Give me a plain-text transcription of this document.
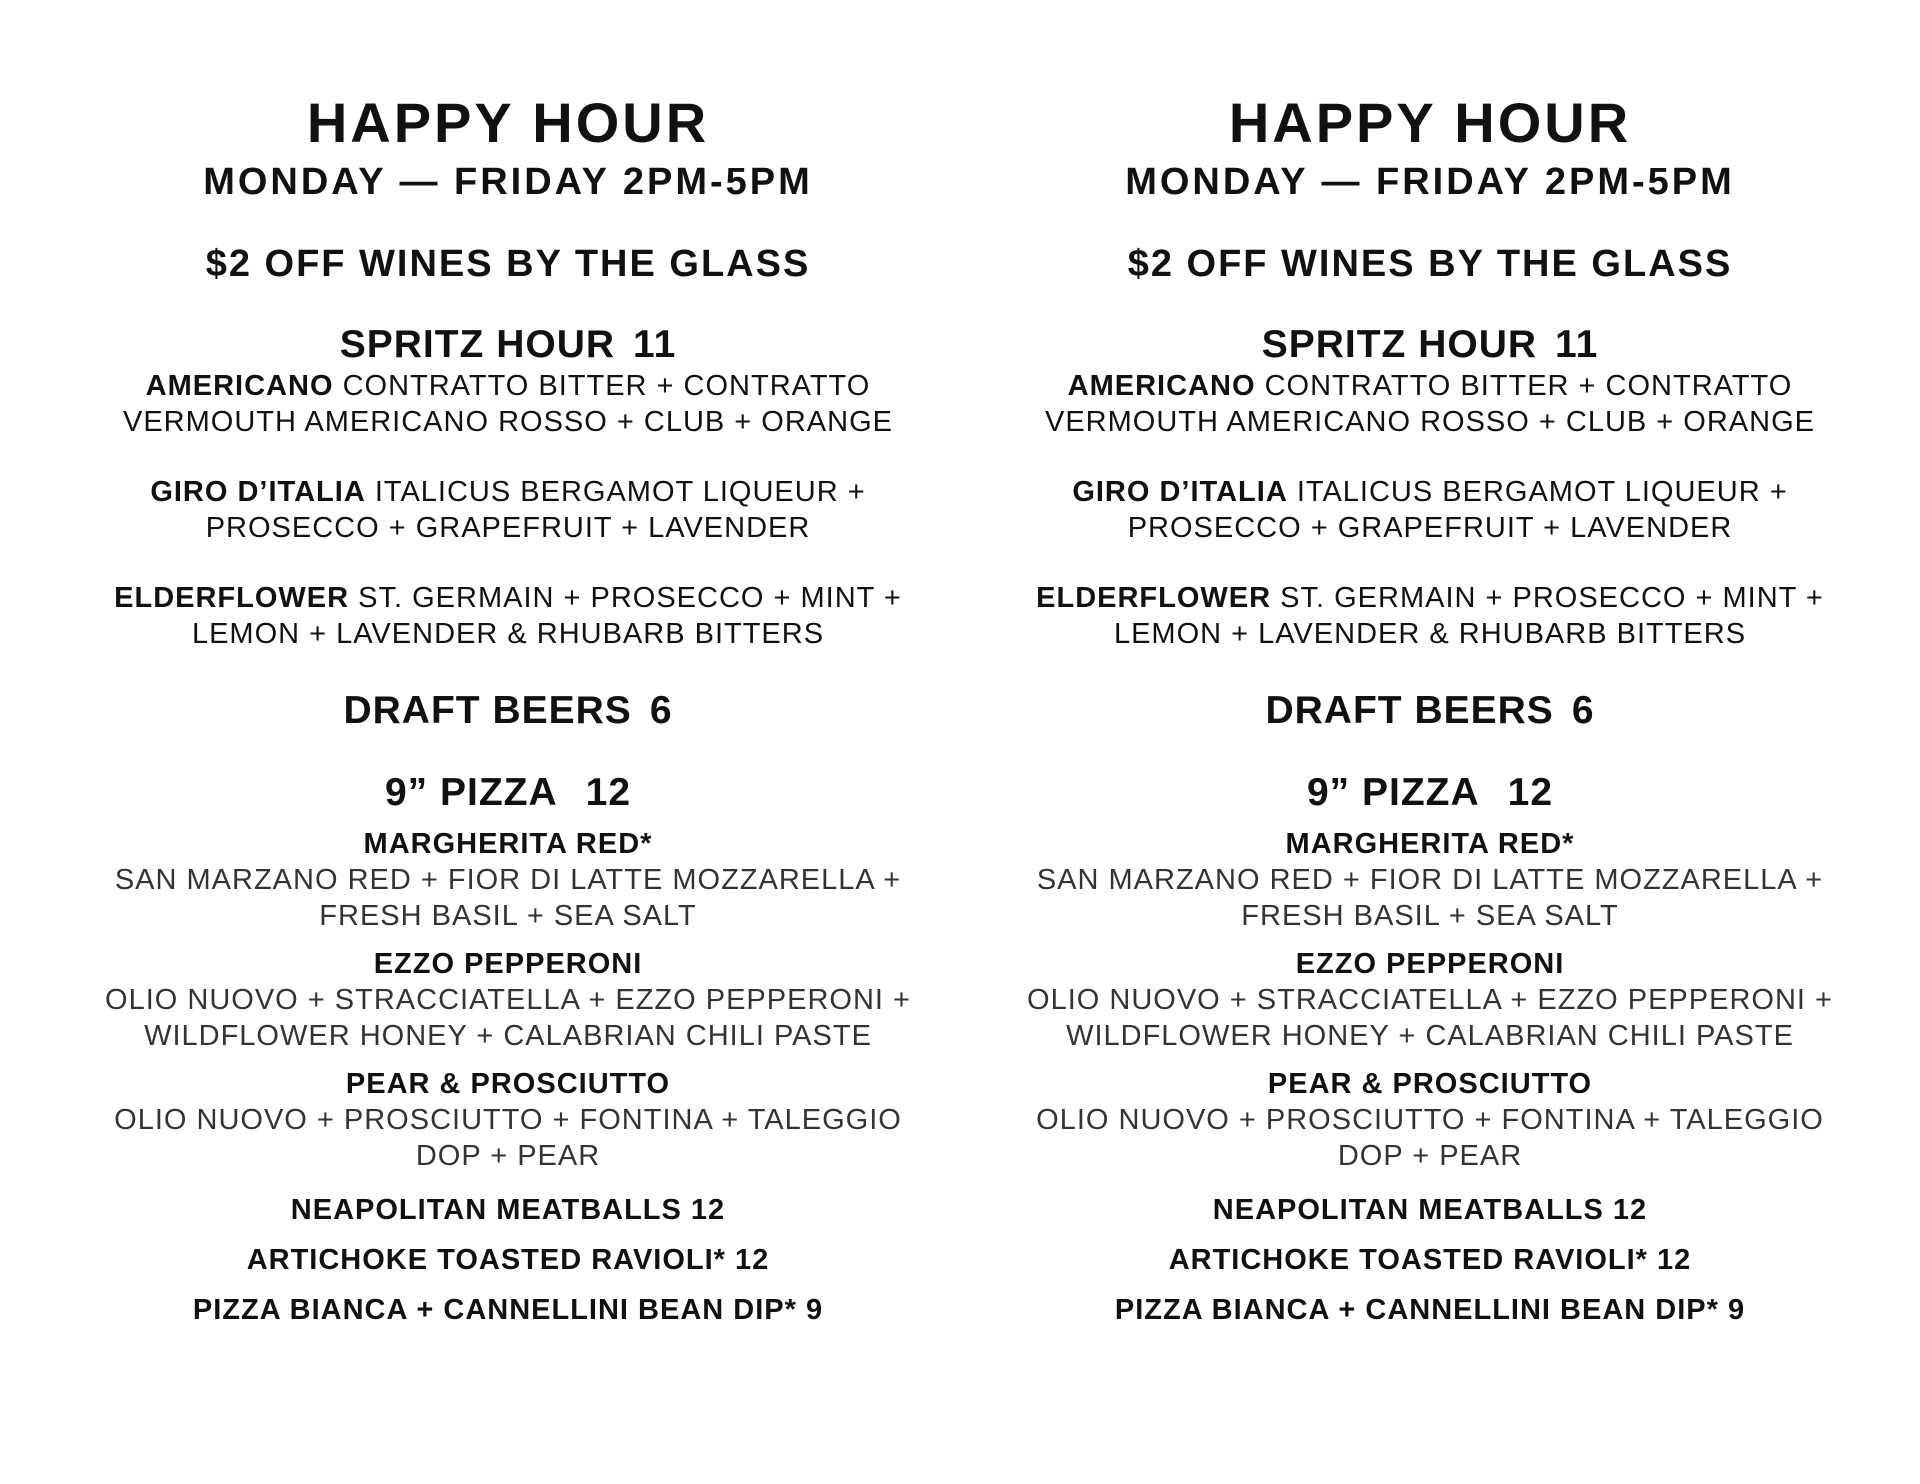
HAPPY HOUR

MONDAY — FRIDAY 2PM-5PM

$2 OFF WINES BY THE GLASS

SPRITZ HOUR 11

AMERICANO CONTRATTO BITTER + CONTRATTO VERMOUTH AMERICANO ROSSO + CLUB + ORANGE

GIRO D’ITALIA ITALICUS BERGAMOT LIQUEUR + PROSECCO + GRAPEFRUIT + LAVENDER

ELDERFLOWER ST. GERMAIN + PROSECCO + MINT + LEMON + LAVENDER & RHUBARB BITTERS

DRAFT BEERS 6

9” PIZZA 12

MARGHERITA RED*

SAN MARZANO RED + FIOR DI LATTE MOZZARELLA + FRESH BASIL + SEA SALT

EZZO PEPPERONI

OLIO NUOVO + STRACCIATELLA + EZZO PEPPERONI + WILDFLOWER HONEY + CALABRIAN CHILI PASTE

PEAR & PROSCIUTTO

OLIO NUOVO + PROSCIUTTO + FONTINA + TALEGGIO DOP + PEAR

NEAPOLITAN MEATBALLS 12

ARTICHOKE TOASTED RAVIOLI* 12

PIZZA BIANCA + CANNELLINI BEAN DIP* 9

HAPPY HOUR

MONDAY — FRIDAY 2PM-5PM

$2 OFF WINES BY THE GLASS

SPRITZ HOUR 11

AMERICANO CONTRATTO BITTER + CONTRATTO VERMOUTH AMERICANO ROSSO + CLUB + ORANGE

GIRO D’ITALIA ITALICUS BERGAMOT LIQUEUR + PROSECCO + GRAPEFRUIT + LAVENDER

ELDERFLOWER ST. GERMAIN + PROSECCO + MINT + LEMON + LAVENDER & RHUBARB BITTERS

DRAFT BEERS 6

9” PIZZA 12

MARGHERITA RED*

SAN MARZANO RED + FIOR DI LATTE MOZZARELLA + FRESH BASIL + SEA SALT

EZZO PEPPERONI

OLIO NUOVO + STRACCIATELLA + EZZO PEPPERONI + WILDFLOWER HONEY + CALABRIAN CHILI PASTE

PEAR & PROSCIUTTO

OLIO NUOVO + PROSCIUTTO + FONTINA + TALEGGIO DOP + PEAR

NEAPOLITAN MEATBALLS 12

ARTICHOKE TOASTED RAVIOLI* 12

PIZZA BIANCA + CANNELLINI BEAN DIP* 9
